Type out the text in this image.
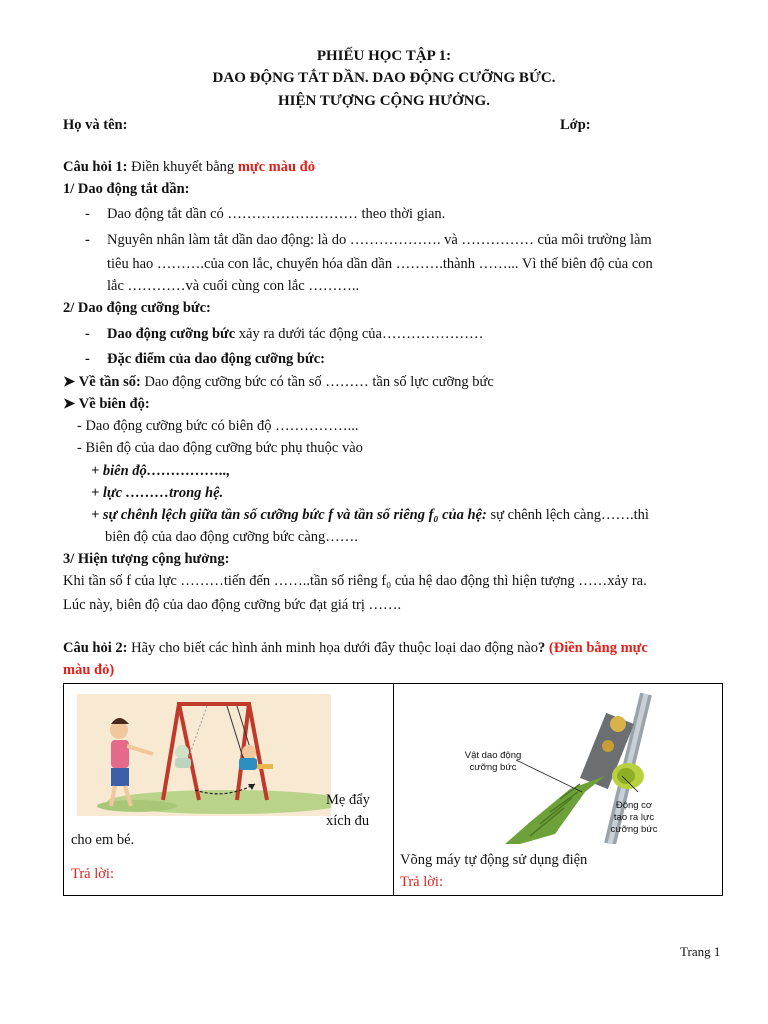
PHIẾU HỌC TẬP 1:
DAO ĐỘNG TẮT DẦN. DAO ĐỘNG CƯỠNG BỨC.
HIỆN TƯỢNG CỘNG HƯỞNG.
Họ và tên:	Lớp:
Câu hỏi 1: Điền khuyết bằng mực màu đỏ
1/ Dao động tắt dần:
- Dao động tắt dần có ……………………… theo thời gian.
- Nguyên nhân làm tắt dần dao động: là do ………………. và …………… của môi trường làm
tiêu hao ……….của con lắc, chuyển hóa dần dần ……….thành ……... Vì thế biên độ của con
lắc …………và cuối cùng con lắc ………..
2/ Dao động cưỡng bức:
- Dao động cưỡng bức xảy ra dưới tác động của…………………
- Đặc điểm của dao động cưỡng bức:
➤ Về tần số: Dao động cưỡng bức có tần số ……… tần số lực cưỡng bức
➤ Về biên độ:
- Dao động cưỡng bức có biên độ ……………...
- Biên độ của dao động cưỡng bức phụ thuộc vào
+ biên độ……………..,
+ lực ………trong hệ.
+ sự chênh lệch giữa tần số cưỡng bức f và tần số riêng f₀ của hệ: sự chênh lệch càng…….thì
biên độ của dao động cưỡng bức càng…….
3/ Hiện tượng cộng hưởng:
Khi tần số f của lực ………tiến đến ……..tần số riêng f₀ của hệ dao động thì hiện tượng ……xảy ra.
Lúc này, biên độ của dao động cưỡng bức đạt giá trị …….
Câu hỏi 2: Hãy cho biết các hình ảnh minh họa dưới đây thuộc loại dao động nào? (Điền bằng mực
màu đỏ)
Mẹ đẩy
xích đu
cho em bé.
Trả lời:

Vật dao động
cưỡng bức
Động cơ
tạo ra lực
cưỡng bức
Võng máy tự động sử dụng điện
Trả lời:
Trang 1
